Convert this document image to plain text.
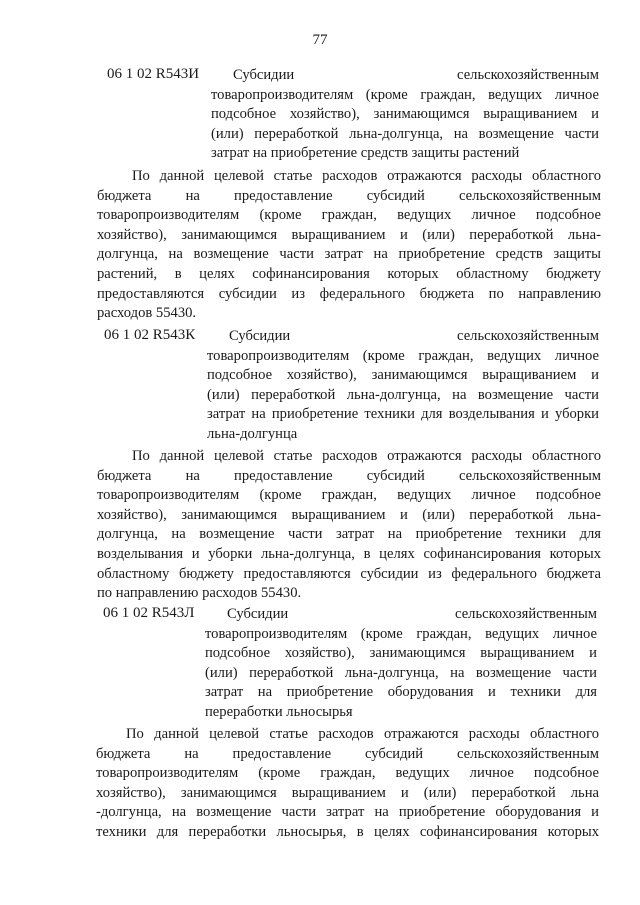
77
06 1 02 R543И	Субсидии сельскохозяйственным
товаропроизводителям (кроме граждан, ведущих личное
подсобное хозяйство), занимающимся выращиванием и
(или) переработкой льна-долгунца, на возмещение части
затрат на приобретение средств защиты растений
По данной целевой статье расходов отражаются расходы областного
бюджета на предоставление субсидий сельскохозяйственным
товаропроизводителям (кроме граждан, ведущих личное подсобное
хозяйство), занимающимся выращиванием и (или) переработкой льна-
долгунца, на возмещение части затрат на приобретение средств защиты
растений, в целях софинансирования которых областному бюджету
предоставляются субсидии из федерального бюджета по направлению
расходов 55430.
06 1 02 R543К	Субсидии сельскохозяйственным
товаропроизводителям (кроме граждан, ведущих личное
подсобное хозяйство), занимающимся выращиванием и
(или) переработкой льна-долгунца, на возмещение части
затрат на приобретение техники для возделывания и уборки
льна-долгунца
По данной целевой статье расходов отражаются расходы областного
бюджета на предоставление субсидий сельскохозяйственным
товаропроизводителям (кроме граждан, ведущих личное подсобное
хозяйство), занимающимся выращиванием и (или) переработкой льна-
долгунца, на возмещение части затрат на приобретение техники для
возделывания и уборки льна-долгунца, в целях софинансирования которых
областному бюджету предоставляются субсидии из федерального бюджета
по направлению расходов 55430.
06 1 02 R543Л	Субсидии сельскохозяйственным
товаропроизводителям (кроме граждан, ведущих личное
подсобное хозяйство), занимающимся выращиванием и
(или) переработкой льна-долгунца, на возмещение части
затрат на приобретение оборудования и техники для
переработки льносырья
По данной целевой статье расходов отражаются расходы областного
бюджета на предоставление субсидий сельскохозяйственным
товаропроизводителям (кроме граждан, ведущих личное подсобное
хозяйство), занимающимся выращиванием и (или) переработкой льна
-долгунца, на возмещение части затрат на приобретение оборудования и
техники для переработки льносырья, в целях софинансирования которых
